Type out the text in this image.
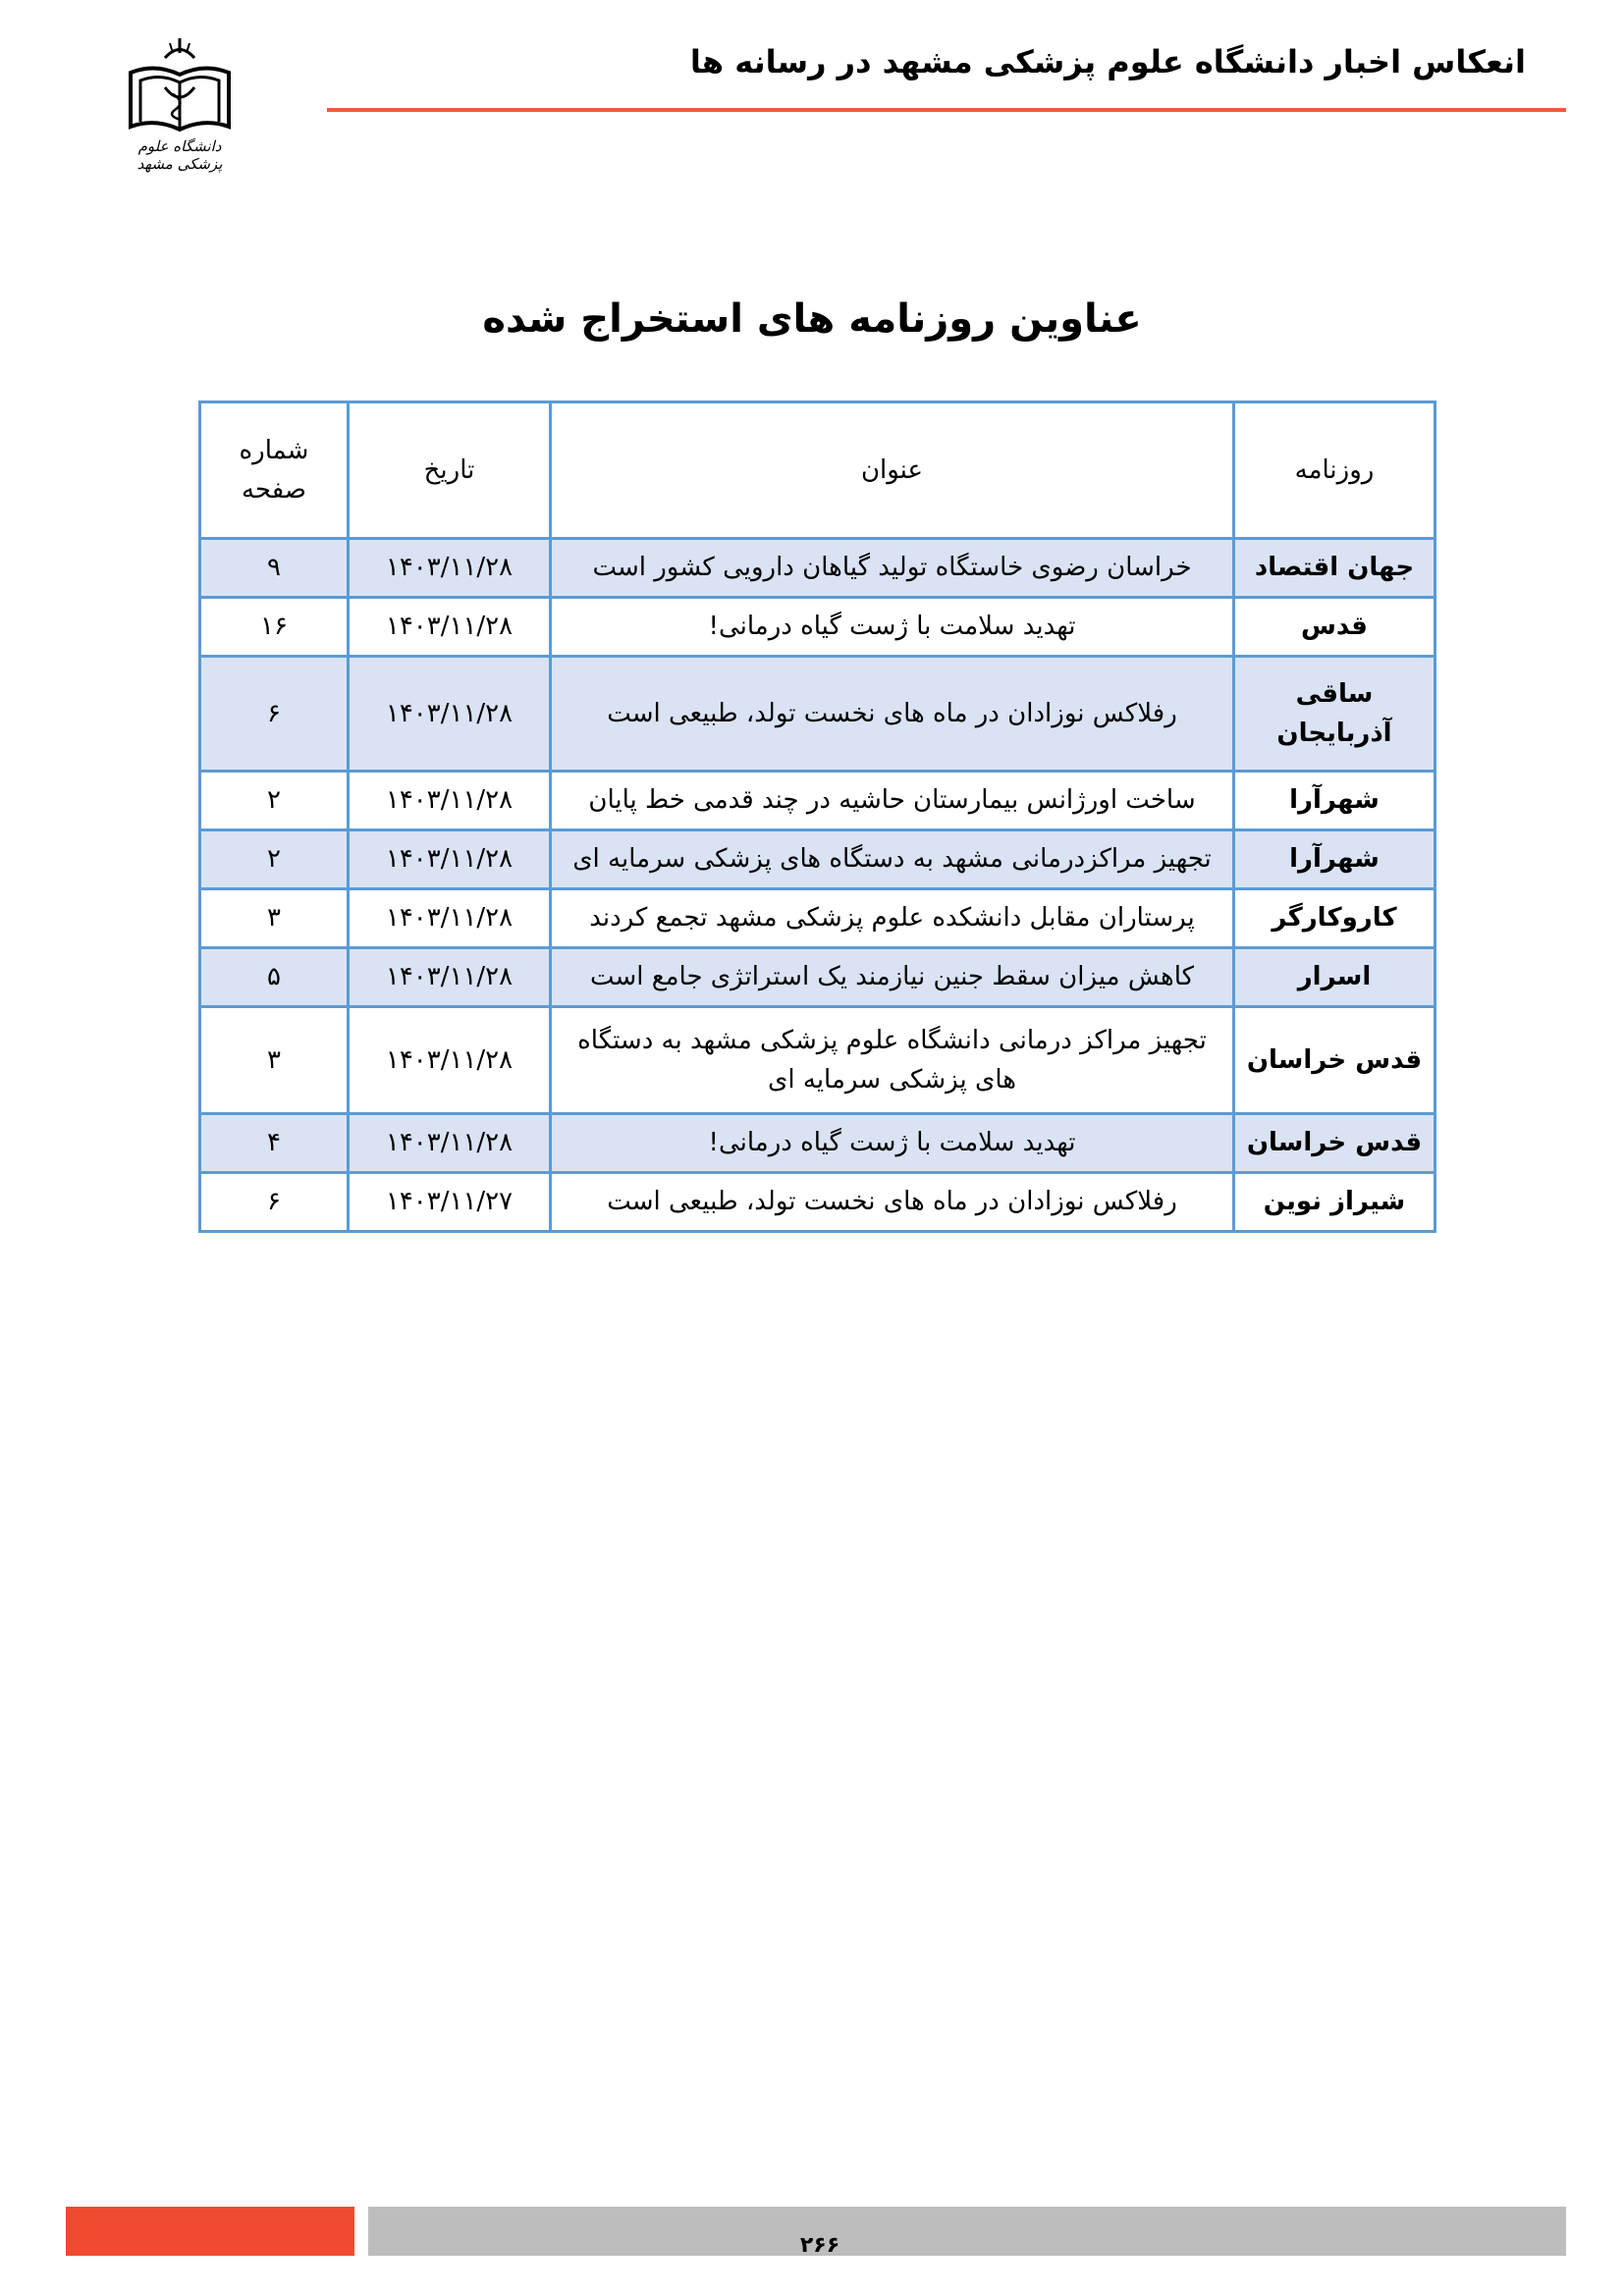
انعکاس اخبار دانشگاه علوم پزشکی مشهد در رسانه ها
دانشگاه علوم پزشکی مشهد
عناوین روزنامه های استخراج شده
روزنامه	عنوان	تاریخ	شماره
صفحه

جهان اقتصاد	خراسان رضوی خاستگاه تولید گیاهان دارویی کشور است	۱۴۰۳/۱۱/۲۸	۹
قدس	تهدید سلامت با ژست گیاه درمانی!	۱۴۰۳/۱۱/۲۸	۱۶
ساقی آذربایجان	رفلاکس نوزادان در ماه های نخست تولد، طبیعی است	۱۴۰۳/۱۱/۲۸	۶
شهرآرا	ساخت اورژانس بیمارستان حاشیه در چند قدمی خط پایان	۱۴۰۳/۱۱/۲۸	۲
شهرآرا	تجهیز مراکزدرمانی مشهد به دستگاه های پزشکی سرمایه ای	۱۴۰۳/۱۱/۲۸	۲
کاروکارگر	پرستاران مقابل دانشکده علوم پزشکی مشهد تجمع کردند	۱۴۰۳/۱۱/۲۸	۳
اسرار	کاهش میزان سقط جنین نیازمند یک استراتژی جامع است	۱۴۰۳/۱۱/۲۸	۵
قدس خراسان	تجهیز مراکز درمانی دانشگاه علوم پزشکی مشهد به دستگاه های پزشکی سرمایه ای	۱۴۰۳/۱۱/۲۸	۳
قدس خراسان	تهدید سلامت با ژست گیاه درمانی!	۱۴۰۳/۱۱/۲۸	۴
شیراز نوین	رفلاکس نوزادان در ماه های نخست تولد، طبیعی است	۱۴۰۳/۱۱/۲۷	۶
۲۶۶
